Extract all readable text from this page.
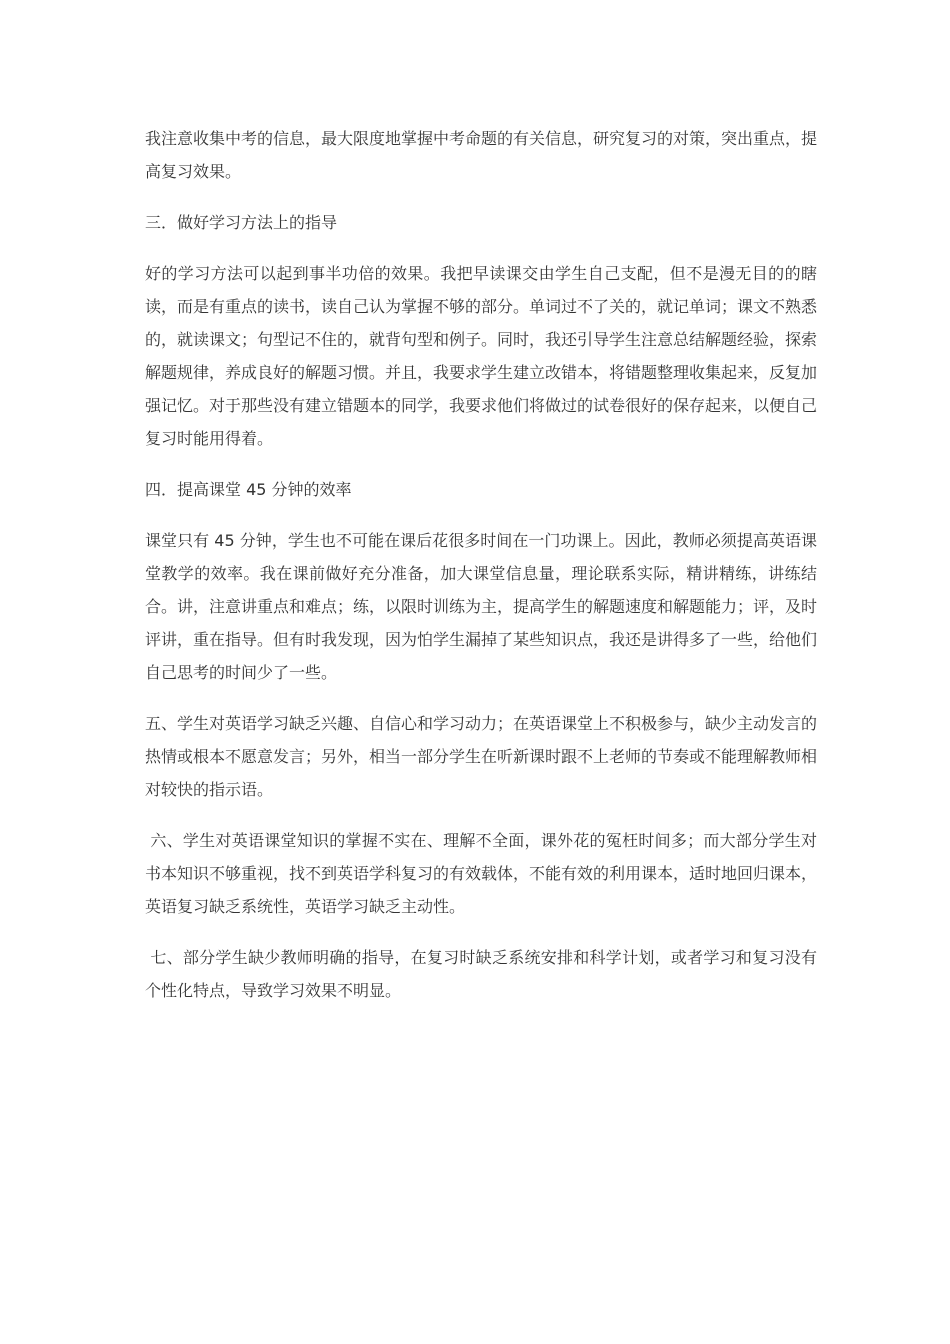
我注意收集中考的信息，最大限度地掌握中考命题的有关信息，研究复习的对策，突出重点，提高复习效果。

三．做好学习方法上的指导

好的学习方法可以起到事半功倍的效果。我把早读课交由学生自己支配，但不是漫无目的的瞎读，而是有重点的读书，读自己认为掌握不够的部分。单词过不了关的，就记单词；课文不熟悉的，就读课文；句型记不住的，就背句型和例子。同时，我还引导学生注意总结解题经验，探索解题规律，养成良好的解题习惯。并且，我要求学生建立改错本，将错题整理收集起来，反复加强记忆。对于那些没有建立错题本的同学，我要求他们将做过的试卷很好的保存起来，以便自己复习时能用得着。

四．提高课堂 45 分钟的效率

课堂只有 45 分钟，学生也不可能在课后花很多时间在一门功课上。因此，教师必须提高英语课堂教学的效率。我在课前做好充分准备，加大课堂信息量，理论联系实际，精讲精练，讲练结合。讲，注意讲重点和难点；练，以限时训练为主，提高学生的解题速度和解题能力；评，及时评讲，重在指导。但有时我发现，因为怕学生漏掉了某些知识点，我还是讲得多了一些，给他们自己思考的时间少了一些。

五、学生对英语学习缺乏兴趣、自信心和学习动力；在英语课堂上不积极参与，缺少主动发言的热情或根本不愿意发言；另外，相当一部分学生在听新课时跟不上老师的节奏或不能理解教师相对较快的指示语。

六、学生对英语课堂知识的掌握不实在、理解不全面，课外花的冤枉时间多；而大部分学生对书本知识不够重视，找不到英语学科复习的有效载体，不能有效的利用课本，适时地回归课本，英语复习缺乏系统性，英语学习缺乏主动性。

七、部分学生缺少教师明确的指导，在复习时缺乏系统安排和科学计划，或者学习和复习没有个性化特点，导致学习效果不明显。
